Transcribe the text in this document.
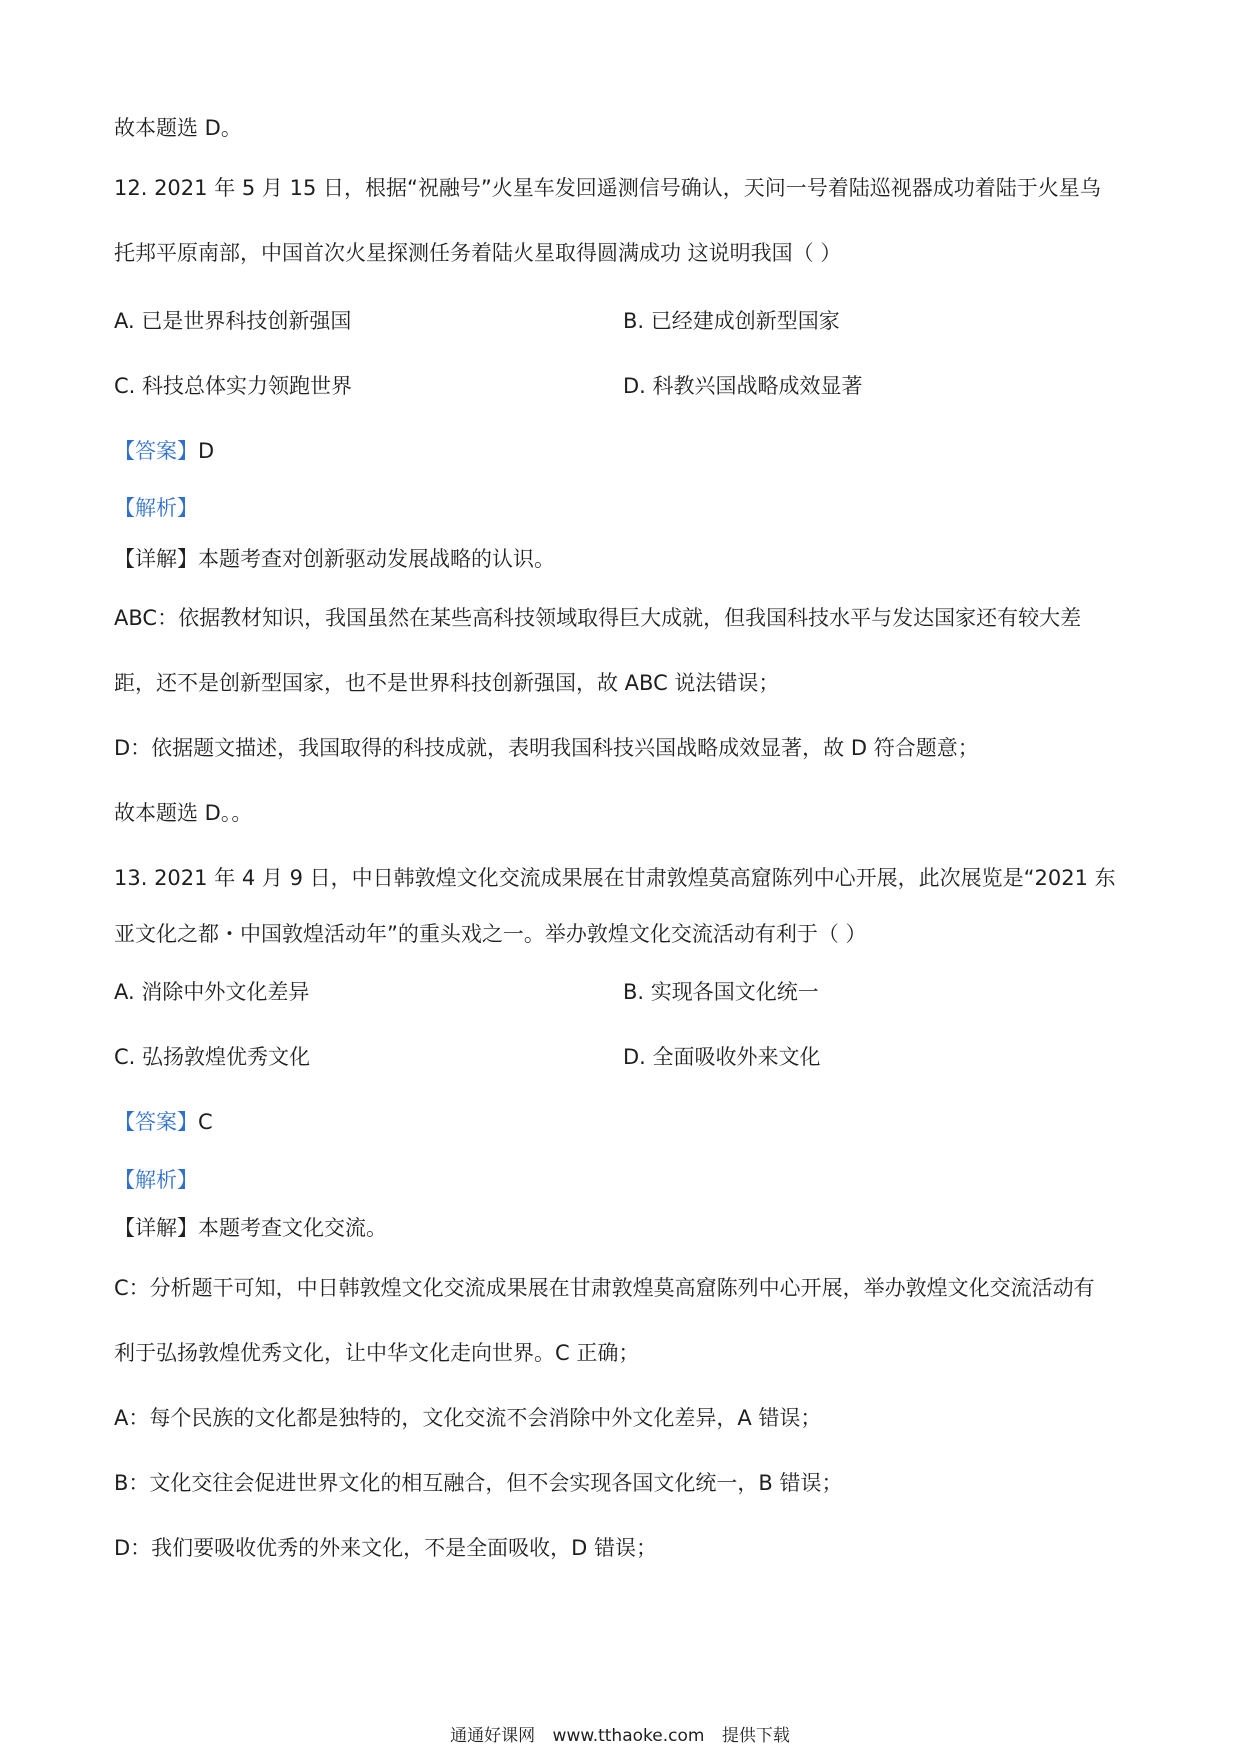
故本题选 D。
12. 2021 年 5 月 15 日，根据“祝融号”火星车发回遥测信号确认，天问一号着陆巡视器成功着陆于火星乌
托邦平原南部，中国首次火星探测任务着陆火星取得圆满成功 这说明我国（ ）
A. 已是世界科技创新强国	B. 已经建成创新型国家
C. 科技总体实力领跑世界	D. 科教兴国战略成效显著
【答案】D
【解析】
【详解】本题考查对创新驱动发展战略的认识。
ABC：依据教材知识，我国虽然在某些高科技领域取得巨大成就，但我国科技水平与发达国家还有较大差
距，还不是创新型国家，也不是世界科技创新强国，故 ABC 说法错误；
D：依据题文描述，我国取得的科技成就，表明我国科技兴国战略成效显著，故 D 符合题意；
故本题选 D。。
13. 2021 年 4 月 9 日，中日韩敦煌文化交流成果展在甘肃敦煌莫高窟陈列中心开展，此次展览是“2021 东
亚文化之都・中国敦煌活动年”的重头戏之一。举办敦煌文化交流活动有利于（ ）
A. 消除中外文化差异	B. 实现各国文化统一
C. 弘扬敦煌优秀文化	D. 全面吸收外来文化
【答案】C
【解析】
【详解】本题考查文化交流。
C：分析题干可知，中日韩敦煌文化交流成果展在甘肃敦煌莫高窟陈列中心开展，举办敦煌文化交流活动有
利于弘扬敦煌优秀文化，让中华文化走向世界。C 正确；
A：每个民族的文化都是独特的，文化交流不会消除中外文化差异，A 错误；
B：文化交往会促进世界文化的相互融合，但不会实现各国文化统一，B 错误；
D：我们要吸收优秀的外来文化，不是全面吸收，D 错误；
通通好课网 www.tthaoke.com 提供下载
